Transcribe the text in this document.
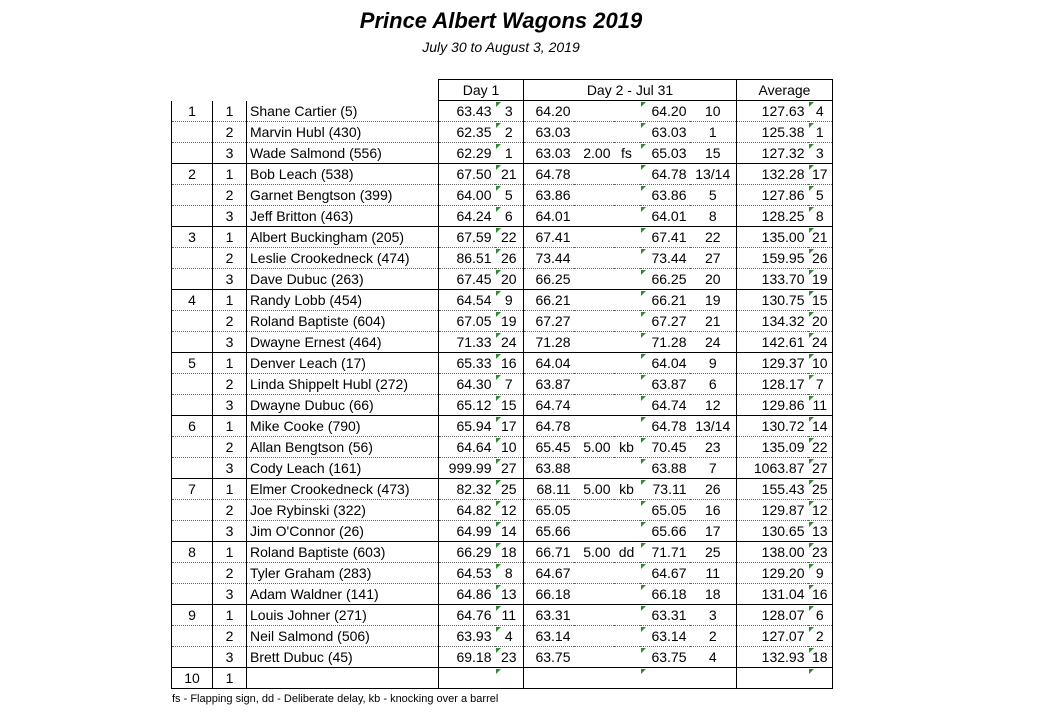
Prince Albert Wagons 2019
July 30 to August 3, 2019
			Day 1		Day 2 - Jul 31					Average	
1	1	Shane Cartier (5)	63.43	3	64.20			64.20	10	127.63	4
	2	Marvin Hubl (430)	62.35	2	63.03			63.03	1	125.38	1
	3	Wade Salmond (556)	62.29	1	63.03	2.00	fs	65.03	15	127.32	3
2	1	Bob Leach (538)	67.50	21	64.78			64.78	13/14	132.28	17
	2	Garnet Bengtson (399)	64.00	5	63.86			63.86	5	127.86	5
	3	Jeff Britton (463)	64.24	6	64.01			64.01	8	128.25	8
3	1	Albert Buckingham (205)	67.59	22	67.41			67.41	22	135.00	21
	2	Leslie Crookedneck (474)	86.51	26	73.44			73.44	27	159.95	26
	3	Dave Dubuc (263)	67.45	20	66.25			66.25	20	133.70	19
4	1	Randy Lobb (454)	64.54	9	66.21			66.21	19	130.75	15
	2	Roland Baptiste (604)	67.05	19	67.27			67.27	21	134.32	20
	3	Dwayne Ernest (464)	71.33	24	71.28			71.28	24	142.61	24
5	1	Denver Leach (17)	65.33	16	64.04			64.04	9	129.37	10
	2	Linda Shippelt Hubl (272)	64.30	7	63.87			63.87	6	128.17	7
	3	Dwayne Dubuc (66)	65.12	15	64.74			64.74	12	129.86	11
6	1	Mike Cooke (790)	65.94	17	64.78			64.78	13/14	130.72	14
	2	Allan Bengtson (56)	64.64	10	65.45	5.00	kb	70.45	23	135.09	22
	3	Cody Leach (161)	999.99	27	63.88			63.88	7	1063.87	27
7	1	Elmer Crookedneck (473)	82.32	25	68.11	5.00	kb	73.11	26	155.43	25
	2	Joe Rybinski (322)	64.82	12	65.05			65.05	16	129.87	12
	3	Jim O'Connor (26)	64.99	14	65.66			65.66	17	130.65	13
8	1	Roland Baptiste (603)	66.29	18	66.71	5.00	dd	71.71	25	138.00	23
	2	Tyler Graham (283)	64.53	8	64.67			64.67	11	129.20	9
	3	Adam Waldner (141)	64.86	13	66.18			66.18	18	131.04	16
9	1	Louis Johner (271)	64.76	11	63.31			63.31	3	128.07	6
	2	Neil Salmond (506)	63.93	4	63.14			63.14	2	127.07	2
	3	Brett Dubuc (45)	69.18	23	63.75			63.75	4	132.93	18
10	1										
fs - Flapping sign, dd - Deliberate delay, kb - knocking over a barrel
